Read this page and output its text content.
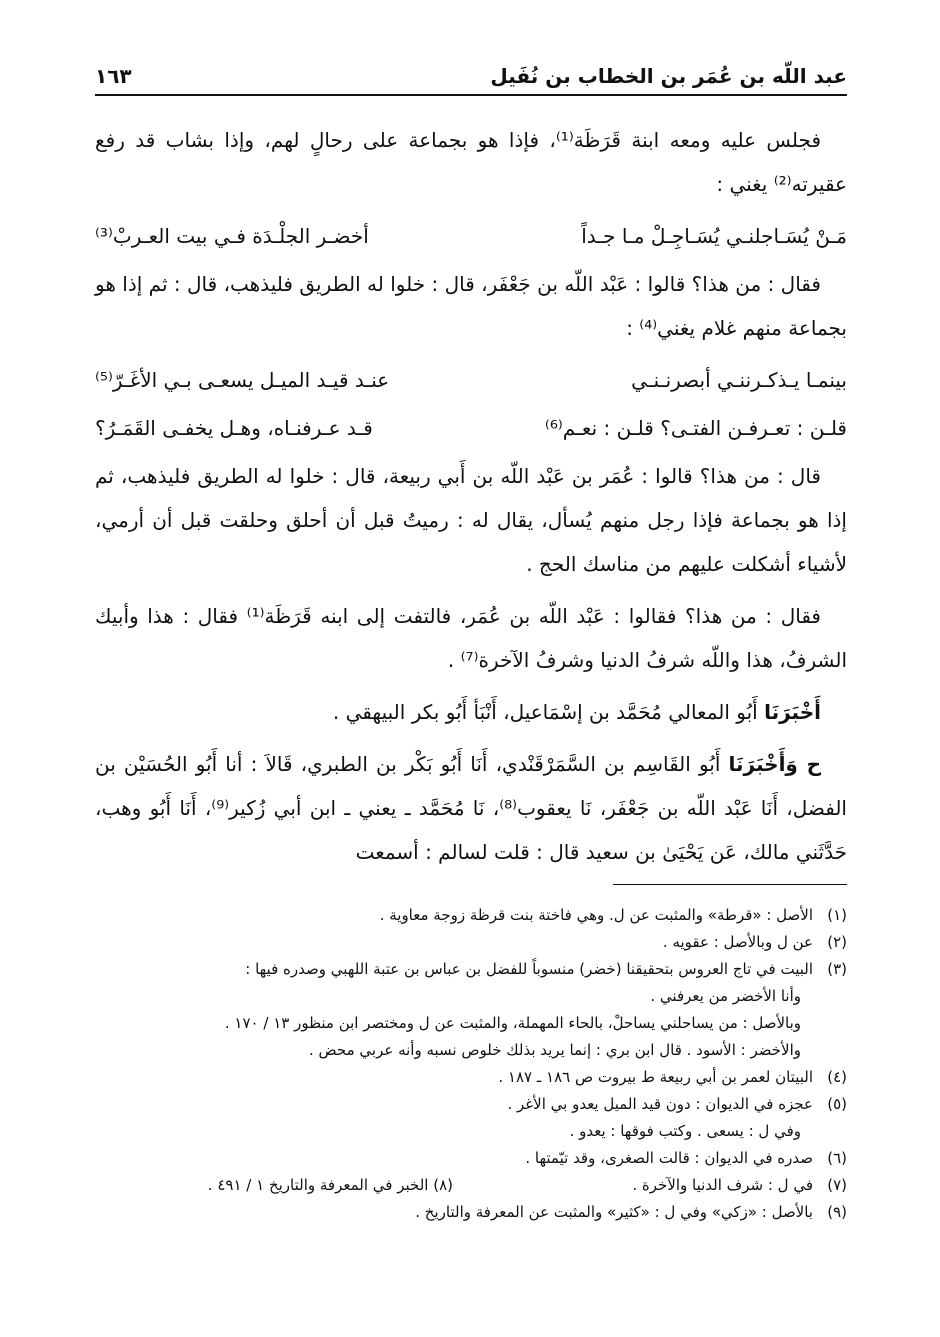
عبد اللّه بن عُمَر بن الخطاب بن نُفَيل
١٦٣

فجلس عليه ومعه ابنة قَرَظَة⁽¹⁾، فإذا هو بجماعة على رحالٍ لهم، وإذا بشاب قد رفع عقيرته⁽²⁾ يغني :

مَـنْ يُسَـاجلنـي يُسَـاجِـلْ مـا جـداً
أخضـر الجلْـدَة فـي بيت العـربْ⁽³⁾

فقال : من هذا؟ قالوا : عَبْد اللّه بن جَعْفَر، قال : خلوا له الطريق فليذهب، قال : ثم إذا هو بجماعة منهم غلام يغني⁽⁴⁾ :

بينمـا يـذكـرننـي أبصرنـنـي
عنـد قيـد الميـل يسعـى بـي الأغَـرّ⁽⁵⁾
قلـن : تعـرفـن الفتـى؟ قلـن : نعـم⁽⁶⁾
قـد عـرفنـاه، وهـل يخفـى القَمَـرُ؟

قال : من هذا؟ قالوا : عُمَر بن عَبْد اللّه بن أَبي ربيعة، قال : خلوا له الطريق فليذهب، ثم إذا هو بجماعة فإذا رجل منهم يُسأل، يقال له : رميتُ قبل أن أحلق وحلقت قبل أن أرمي، لأشياء أشكلت عليهم من مناسك الحج .

فقال : من هذا؟ فقالوا : عَبْد اللّه بن عُمَر، فالتفت إلى ابنه قَرَظَة⁽¹⁾ فقال : هذا وأبيك الشرفُ، هذا واللّه شرفُ الدنيا وشرفُ الآخرة⁽⁷⁾ .

أَخْبَرَنَا أَبُو المعالي مُحَمَّد بن إسْمَاعيل، أَنْبَأ أَبُو بكر البيهقي .

ح وَأَخْبَرَنَا أَبُو القَاسِم بن السَّمَرْقَنْدي، أَنَا أَبُو بَكْر بن الطبري، قَالاَ : أنا أَبُو الحُسَيْن بن الفضل، أَنَا عَبْد اللّه بن جَعْفَر، نَا يعقوب⁽⁸⁾، نَا مُحَمَّد ـ يعني ـ ابن أبي زُكير⁽⁹⁾، أَنَا أَبُو وهب، حَدَّثَني مالك، عَن يَحْيَىٰ بن سعيد قال : قلت لسالم : أسمعت

(١)
الأصل : «قرطة» والمثبت عن ل. وهي فاختة بنت قرظة زوجة معاوية .
(٢)
عن ل وبالأصل : عقويه .
(٣)
البيت في تاج العروس بتحقيقنا (خضر) منسوباً للفضل بن عباس بن عتبة اللهبي وصدره فيها :

وأنا الأخضر من يعرفني .

وبالأصل : من يساحلني يساحلْ، بالحاء المهملة، والمثبت عن ل ومختصر ابن منظور ١٣ / ١٧٠ .

والأخضر : الأسود . قال ابن بري : إنما يريد بذلك خلوص نسبه وأنه عربي محض .

(٤)
البيتان لعمر بن أبي ربيعة ط بيروت ص ١٨٦ ـ ١٨٧ .
(٥)
عجزه في الديوان : دون قيد الميل يعدو بي الأغر .

وفي ل : يسعى . وكتب فوقها : يعدو .

(٦)
صدره في الديوان : قالت الصغرى، وقد تيّمتها .
(٧)
في ل : شرف الدنيا والآخرة .
(٨) الخبر في المعرفة والتاريخ ١ / ٤٩١ .
(٩)
بالأصل : «زكي» وفي ل : «كثير» والمثبت عن المعرفة والتاريخ .
